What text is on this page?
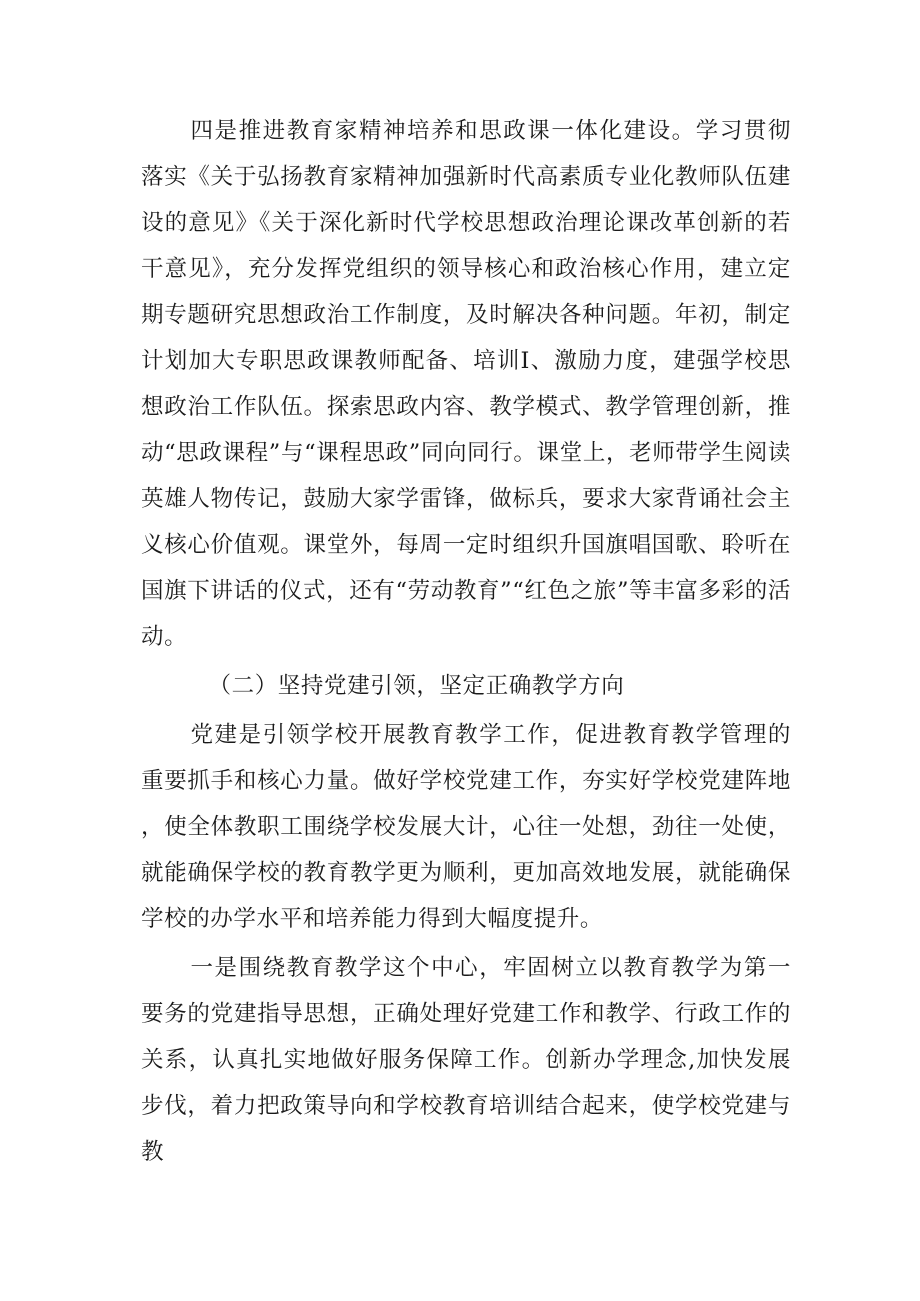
四是推进教育家精神培养和思政课一体化建设。学习贯彻落实《关于弘扬教育家精神加强新时代高素质专业化教师队伍建设的意见》《关于深化新时代学校思想政治理论课改革创新的若干意见》，充分发挥党组织的领导核心和政治核心作用，建立定期专题研究思想政治工作制度，及时解决各种问题。年初，制定计划加大专职思政课教师配备、培训I、激励力度，建强学校思想政治工作队伍。探索思政内容、教学模式、教学管理创新，推动“思政课程”与“课程思政”同向同行。课堂上，老师带学生阅读英雄人物传记，鼓励大家学雷锋，做标兵，要求大家背诵社会主义核心价值观。课堂外，每周一定时组织升国旗唱国歌、聆听在国旗下讲话的仪式，还有“劳动教育”“红色之旅”等丰富多彩的活动。

（二）坚持党建引领，坚定正确教学方向

党建是引领学校开展教育教学工作，促进教育教学管理的重要抓手和核心力量。做好学校党建工作，夯实好学校党建阵地，使全体教职工围绕学校发展大计，心往一处想，劲往一处使，就能确保学校的教育教学更为顺利，更加高效地发展，就能确保学校的办学水平和培养能力得到大幅度提升。

一是围绕教育教学这个中心，牢固树立以教育教学为第一要务的党建指导思想，正确处理好党建工作和教学、行政工作的关系，认真扎实地做好服务保障工作。创新办学理念,加快发展步伐，着力把政策导向和学校教育培训结合起来，使学校党建与教
